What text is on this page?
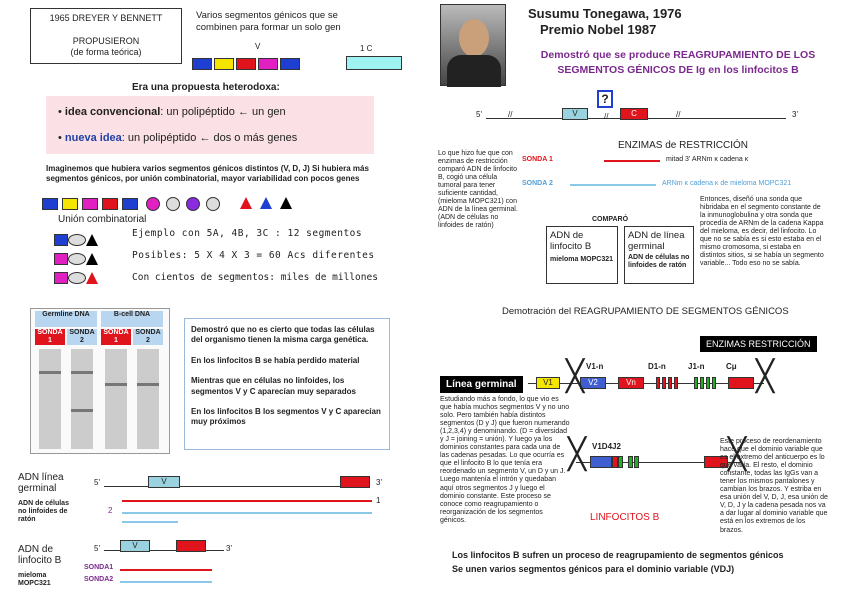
1965 DREYER Y BENNETT
PROPUSIERON
(de forma teórica)
Varios segmentos génicos que se combinen para formar un solo gen
V	1 C
Era una propuesta heterodoxa:
• idea convencional: un polipéptido ← un gen
• nueva idea: un polipéptido ← dos o más genes
Imaginemos que hubiera varios segmentos génicos distintos (V, D, J) Si hubiera más segmentos génicos, por unión combinatorial, mayor variabilidad con pocos genes
Unión combinatorial
Ejemplo con 5A, 4B, 3C : 12 segmentos
Posibles: 5 X 4 X 3 = 60 Acs diferentes
Con cientos de segmentos: miles de millones
Germline DNA	B-cell DNA
SONDA 1
SONDA 2
SONDA 1
SONDA 2
Demostró que no es cierto que todas las células del organismo tienen la misma carga genética.
En los linfocitos B se había perdido material
Mientras que en células no linfoides, los segmentos V y C aparecían muy separados
En los linfocitos B los segmentos V y C aparecían muy próximos
ADN línea germinal
ADN de células no linfoides de ratón
5'	V	3'
1
2
ADN de linfocito B
mieloma MOPC321
5'	V	3'
SONDA1
SONDA2
Susumu Tonegawa, 1976
Premio Nobel 1987
Demostró que se produce REAGRUPAMIENTO DE LOS SEGMENTOS GÉNICOS DE Ig en los linfocitos B
5'	//	//	//
V	C
?
3'
ENZIMAS de RESTRICCIÓN
Lo que hizo fue que con enzimas de restricción comparó ADN de linfocito B, cogió una célula tumoral para tener suficiente cantidad, (mieloma MOPC321) con ADN de la línea germinal. (ADN de células no linfoides de ratón)
SONDA 1	mitad 3' ARNm κ cadena κ
SONDA 2	ARNm κ cadena κ de mieloma MOPC321
COMPARÓ
ADN de linfocito B
mieloma MOPC321
ADN de línea germinal
ADN de células no linfoides de ratón
Entonces, diseñó una sonda que hibridaba en el segmento constante de la inmunoglobulina y otra sonda que procedía de ARNm de la cadena Kappa del mieloma, es decir, del linfocito. Lo que no se sabía es si esto estaba en el mismo cromosoma, si estaba en distintos sitios, si se había un segmento variable... Todo eso no se sabía.
Demotración del REAGRUPAMIENTO DE SEGMENTOS GÉNICOS
ENZIMAS RESTRICCIÓN
Línea germinal
V1-n	D1-n	J1-n	Cμ
V1	V2	Vn
╳	╳
Estudiando más a fondo, lo que vio es que había muchos segmentos V y no uno solo. Pero también había distintos segmentos (D y J) que fueron numerando (1,2,3,4) y denominando. (D = diversidad y J = joining = unión). Y luego ya los dominios constantes para cada una de las cadenas pesadas. Lo que ocurría es que el linfocito B lo que tenía era reordenado un segmento V, un D y un J. Luego mantenía el intrón y quedaban aquí otros segmentos J y luego el dominio constante. Este proceso se conoce como reagrupamiento o reorganización de los segmentos génicos.
V1D4J2
╳	╳
LINFOCITOS B
Este proceso de reordenamiento hace que el dominio variable que es el extremo del anticuerpo es lo que varía. El resto, el dominio constante, todas las IgGs van a tener los mismos pantalones y cambian los brazos. Y estriba en esa unión del V, D, J, esa unión de V, D, J y la cadena pesada nos va a dar lugar al dominio variable que está en los extremos de los brazos.
Los linfocitos B sufren un proceso de reagrupamiento de segmentos génicos
Se unen varios segmentos génicos para el dominio variable (VDJ)
